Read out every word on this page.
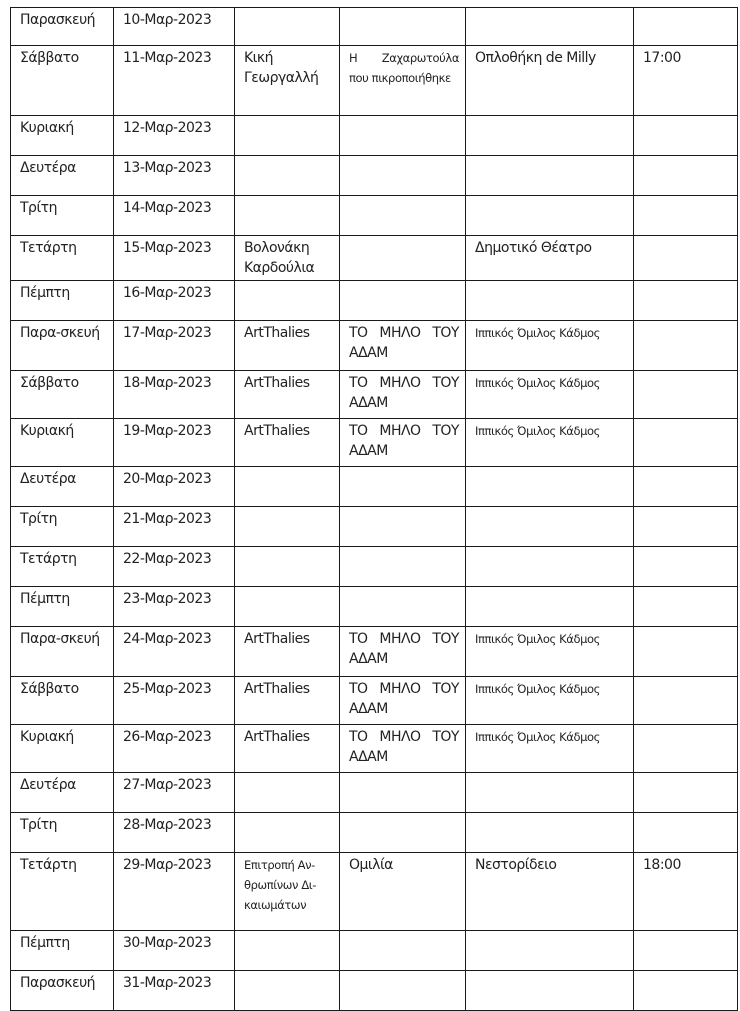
Παρασκευή	10-Μαρ-2023				
Σάββατο	11-Μαρ-2023	Κική Γεωργαλλή	Η Ζαχαρωτούλα που πικροποιήθηκε	Οπλοθήκη de Milly	17:00
Κυριακή	12-Μαρ-2023				
Δευτέρα	13-Μαρ-2023				
Τρίτη	14-Μαρ-2023				
Τετάρτη	15-Μαρ-2023	Βολονάκη Καρδούλια		Δημοτικό Θέατρο	
Πέμπτη	16-Μαρ-2023				
Παρα-σκευή	17-Μαρ-2023	ArtThalies	ΤΟ ΜΗΛΟ ΤΟΥ ΑΔΑΜ	Ιππικός Όμιλος Κάδμος	
Σάββατο	18-Μαρ-2023	ArtThalies	ΤΟ ΜΗΛΟ ΤΟΥ ΑΔΑΜ	Ιππικός Όμιλος Κάδμος	
Κυριακή	19-Μαρ-2023	ArtThalies	ΤΟ ΜΗΛΟ ΤΟΥ ΑΔΑΜ	Ιππικός Όμιλος Κάδμος	
Δευτέρα	20-Μαρ-2023				
Τρίτη	21-Μαρ-2023				
Τετάρτη	22-Μαρ-2023				
Πέμπτη	23-Μαρ-2023				
Παρα-σκευή	24-Μαρ-2023	ArtThalies	ΤΟ ΜΗΛΟ ΤΟΥ ΑΔΑΜ	Ιππικός Όμιλος Κάδμος	
Σάββατο	25-Μαρ-2023	ArtThalies	ΤΟ ΜΗΛΟ ΤΟΥ ΑΔΑΜ	Ιππικός Όμιλος Κάδμος	
Κυριακή	26-Μαρ-2023	ArtThalies	ΤΟ ΜΗΛΟ ΤΟΥ ΑΔΑΜ	Ιππικός Όμιλος Κάδμος	
Δευτέρα	27-Μαρ-2023				
Τρίτη	28-Μαρ-2023				
Τετάρτη	29-Μαρ-2023	Επιτροπή Αν-θρωπίνων Δι-καιωμάτων	Ομιλία	Νεστορίδειο	18:00
Πέμπτη	30-Μαρ-2023				
Παρασκευή	31-Μαρ-2023				
